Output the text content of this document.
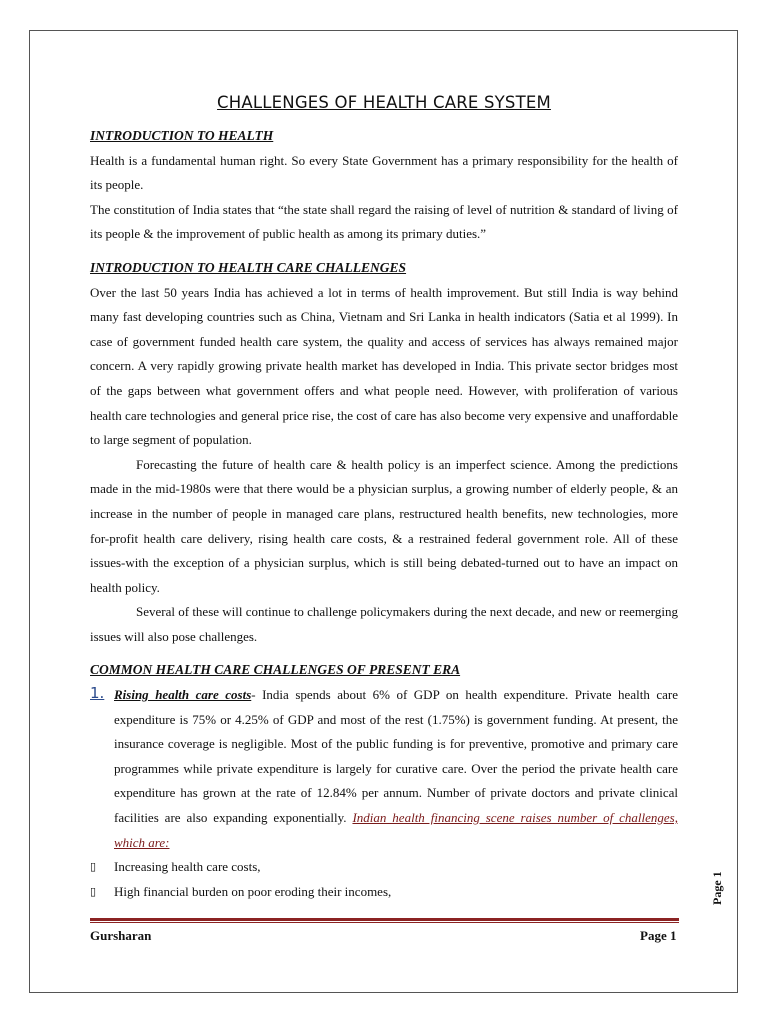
CHALLENGES OF HEALTH CARE SYSTEM

INTRODUCTION TO HEALTH

Health is a fundamental human right. So every State Government has a primary responsibility for the health of its people.

The constitution of India states that “the state shall regard the raising of level of nutrition & standard of living of its people & the improvement of public health as among its primary duties.”

INTRODUCTION TO HEALTH CARE CHALLENGES

Over the last 50 years India has achieved a lot in terms of health improvement. But still India is way behind many fast developing countries such as China, Vietnam and Sri Lanka in health indicators (Satia et al 1999). In case of government funded health care system, the quality and access of services has always remained major concern. A very rapidly growing private health market has developed in India. This private sector bridges most of the gaps between what government offers and what people need. However, with proliferation of various health care technologies and general price rise, the cost of care has also become very expensive and unaffordable to large segment of population.

Forecasting the future of health care & health policy is an imperfect science. Among the predictions made in the mid-1980s were that there would be a physician surplus, a growing number of elderly people, & an increase in the number of people in managed care plans, restructured health benefits, new technologies, more for-profit health care delivery, rising health care costs, & a restrained federal government role. All of these issues-with the exception of a physician surplus, which is still being debated-turned out to have an impact on health policy.

Several of these will continue to challenge policymakers during the next decade, and new or reemerging issues will also pose challenges.

COMMON HEALTH CARE CHALLENGES OF PRESENT ERA

1. Rising health care costs- India spends about 6% of GDP on health expenditure. Private health care expenditure is 75% or 4.25% of GDP and most of the rest (1.75%) is government funding. At present, the insurance coverage is negligible. Most of the public funding is for preventive, promotive and primary care programmes while private expenditure is largely for curative care. Over the period the private health care expenditure has grown at the rate of 12.84% per annum. Number of private doctors and private clinical facilities are also expanding exponentially. Indian health financing scene raises number of challenges, which are:

▯ Increasing health care costs,

▯ High financial burden on poor eroding their incomes,

Gursharan	Page 1
Page 1
